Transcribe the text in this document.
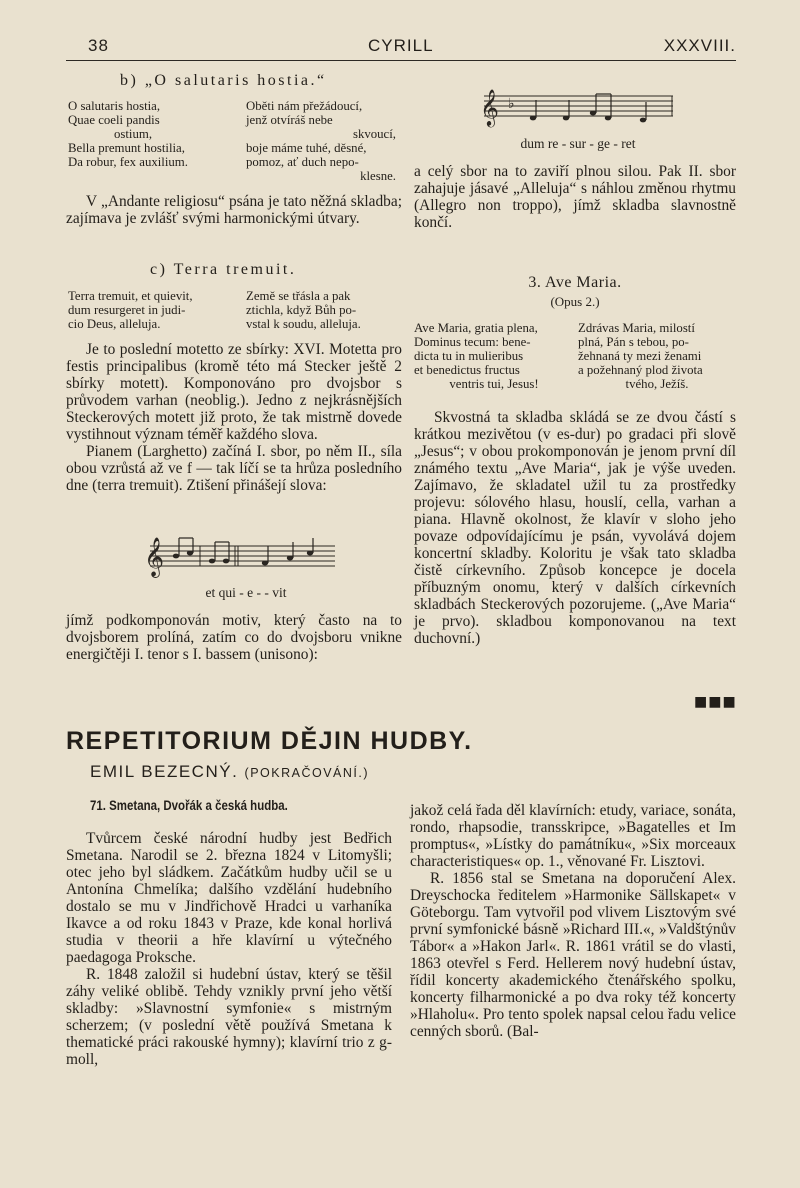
38	CYRILL	XXXVIII.
b) „O salutaris hostia.“
O salutaris hostia,
Quae coeli pandis
ostium,
Bella premunt hostilia,
Da robur, fex auxilium.
Oběti nám přežádoucí,
jenž otvíráš nebe
skvoucí,
boje máme tuhé, děsné,
pomoz, ať duch nepo-
klesne.

V „Andante religiosu“ psána je tato něžná skladba; zajímava je zvlášť svými harmonickými útvary.

c) Terra tremuit.
Terra tremuit, et quievit,
dum resurgeret in judi-
cio Deus, alleluja.
Země se třásla a pak
ztichla, když Bůh po-
vstal k soudu, alleluja.

Je to poslední motetto ze sbírky: XVI. Motetta pro festis principalibus (kromě této má Stecker ještě 2 sbírky motett). Komponováno pro dvojsbor s průvodem varhan (neoblig.). Jedno z nejkrásnějších Steckerových motett již proto, že tak mistrně dovede vystihnout význam téměř každého slova.

Pianem (Larghetto) začíná I. sbor, po něm II., síla obou vzrůstá až ve f — tak líčí se ta hrůza posledního dne (terra tremuit). Ztišení přinášejí slova:

𝄞
et qui - e - - vit

jímž podkomponován motiv, který často na to dvojsborem prolíná, zatím co do dvojsboru vnikne energičtěji I. tenor s I. bassem (unisono):

𝄞 ♭
dum re - sur - ge - ret

a celý sbor na to zaviří plnou silou. Pak II. sbor zahajuje jásavé „Alleluja“ s náhlou změnou rhytmu (Allegro non troppo), jímž skladba slavnostně končí.

3. Ave Maria.
(Opus 2.)
Ave Maria, gratia plena,
Dominus tecum: bene-
dicta tu in mulieribus
et benedictus fructus
ventris tui, Jesus!
Zdrávas Maria, milostí
plná, Pán s tebou, po-
žehnaná ty mezi ženami
a požehnaný plod života
tvého, Ježíš.

Skvostná ta skladba skládá se ze dvou částí s krátkou mezivětou (v es-dur) po gradaci při slově „Jesus“; v obou prokomponován je jenom první díl známého textu „Ave Maria“, jak je výše uveden. Zajímavo, že skladatel užil tu za prostředky projevu: sólového hlasu, houslí, cella, varhan a piana. Hlavně okolnost, že klavír v sloho jeho povaze odpovídajícímu je psán, vyvolává dojem koncertní skladby. Koloritu je však tato skladba čistě církevního. Způsob koncepce je docela příbuzným onomu, který v dalších církevních skladbách Steckerových pozorujeme. („Ave Maria“ je prvo). skladbou komponovanou na text duchovní.)

■■■
REPETITORIUM DĚJIN HUDBY.
EMIL BEZECNÝ. (POKRAČOVÁNÍ.)
71. Smetana, Dvořák a česká hudba.

Tvůrcem české národní hudby jest Bedřich Smetana. Narodil se 2. března 1824 v Litomyšli; otec jeho byl sládkem. Začátkům hudby učil se u Antonína Chmelíka; dalšího vzdělání hudebního dostalo se mu v Jindřichově Hradci u varhaníka Ikavce a od roku 1843 v Praze, kde konal horlivá studia v theorii a hře klavírní u výtečného paedagoga Proksche.

R. 1848 založil si hudební ústav, který se těšil záhy veliké oblibě. Tehdy vznikly první jeho větší skladby: »Slavnostní symfonie« s mistrným scherzem; (v poslední větě používá Smetana k thematické práci rakouské hymny); klavírní trio z g-moll,

jakož celá řada děl klavírních: etudy, variace, sonáta, rondo, rhapsodie, transskripce, »Bagatelles et Im promptus«, »Lístky do památníku«, »Six morceaux characteristiques« op. 1., věnované Fr. Lisztovi.

R. 1856 stal se Smetana na doporučení Alex. Dreyschocka ředitelem »Harmonike Sällskapet« v Göteborgu. Tam vytvořil pod vlivem Lisztovým své první symfonické básně »Richard III.«, »Valdštýnův Tábor« a »Hakon Jarl«. R. 1861 vrátil se do vlasti, 1863 otevřel s Ferd. Hellerem nový hudební ústav, řídil koncerty akademického čtenářského spolku, koncerty filharmonické a po dva roky též koncerty »Hlaholu«. Pro tento spolek napsal celou řadu velice cenných sborů. (Bal-
